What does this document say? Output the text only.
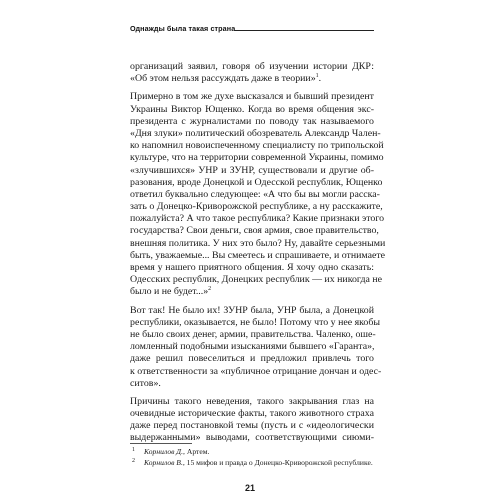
Однажды была такая страна

организаций заявил, говоря об изучении истории ДКР:
«Об этом нельзя рассуждать даже в теории»$^1$.

Примерно в том же духе высказался и бывший президент
Украины Виктор Ющенко. Когда во время общения экс-
президента с журналистами по поводу так называемого
«Дня злуки» политический обозреватель Александр Чален-
ко напомнил новоиспеченному специалисту по трипольской
культуре, что на территории современной Украины, помимо
«злучившихся» УНР и ЗУНР, существовали и другие об-
разования, вроде Донецкой и Одесской республик, Ющенко
ответил буквально следующее: «А что бы вы могли расска-
зать о Донецко-Криворожской республике, а ну расскажите,
пожалуйста? А что такое республика? Какие признаки этого
государства? Свои деньги, своя армия, свое правительство,
внешняя политика. У них это было? Ну, давайте серьезными
быть, уважаемые... Вы смеетесь и спрашиваете, и отнимаете
время у нашего приятного общения. Я хочу одно сказать:
Одесских республик, Донецких республик — их никогда не
было и не будет...»$^2$

Вот так! Не было их! ЗУНР была, УНР была, а Донецкой
республики, оказывается, не было! Потому что у нее якобы
не было своих денег, армии, правительства. Чаленко, оше-
ломленный подобными изысканиями бывшего «Гаранта»,
даже решил повеселиться и предложил привлечь того
к ответственности за «публичное отрицание дончан и одес-
ситов».

Причины такого неведения, такого закрывания глаз на
очевидные исторические факты, такого животного страха
даже перед постановкой темы (пусть и с «идеологически
выдержанными» выводами, соответствующими сиюми-

1 Корнилов Д., Артем.
2 Корнилов В., 15 мифов и правда о Донецко-Криворожской республике.
21
